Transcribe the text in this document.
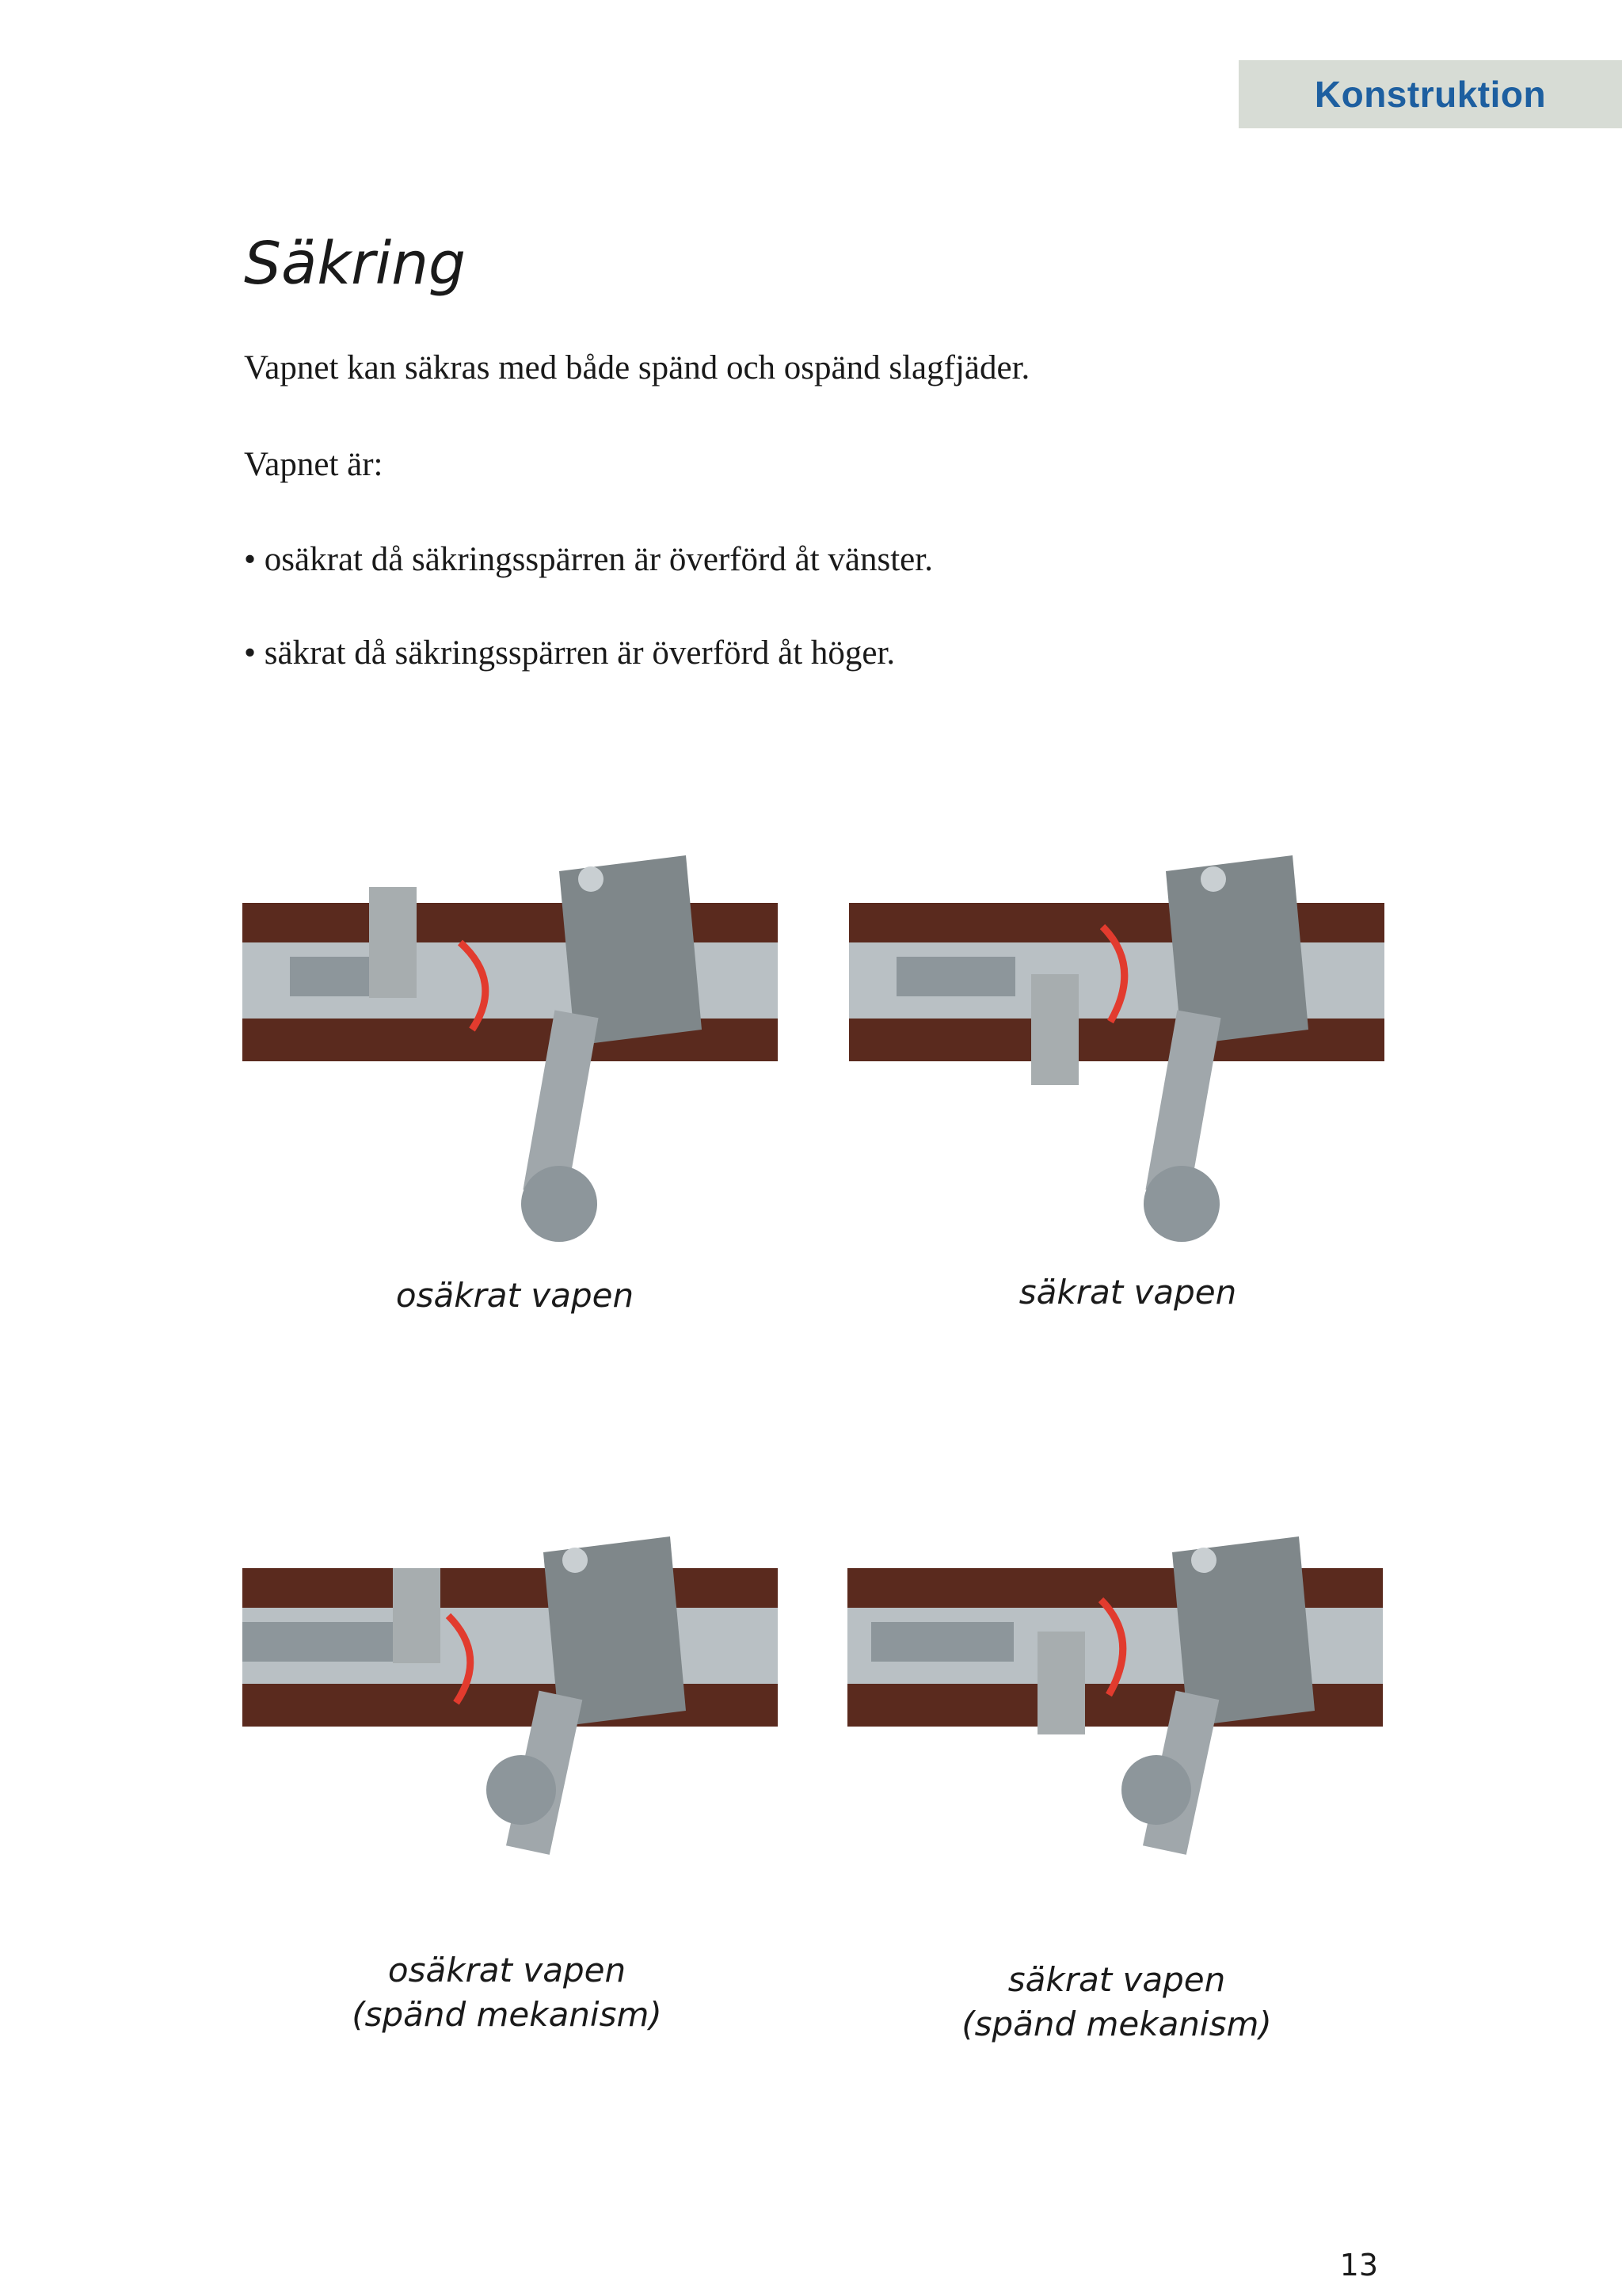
Konstruktion
Säkring

Vapnet kan säkras med både spänd och ospänd slagfjäder.

Vapnet är:

• osäkrat då säkringsspärren är överförd åt vänster.

• säkrat då säkringsspärren är överförd åt höger.

osäkrat vapen	säkrat vapen
osäkrat vapen
(spänd mekanism)
säkrat vapen
(spänd mekanism)
13
